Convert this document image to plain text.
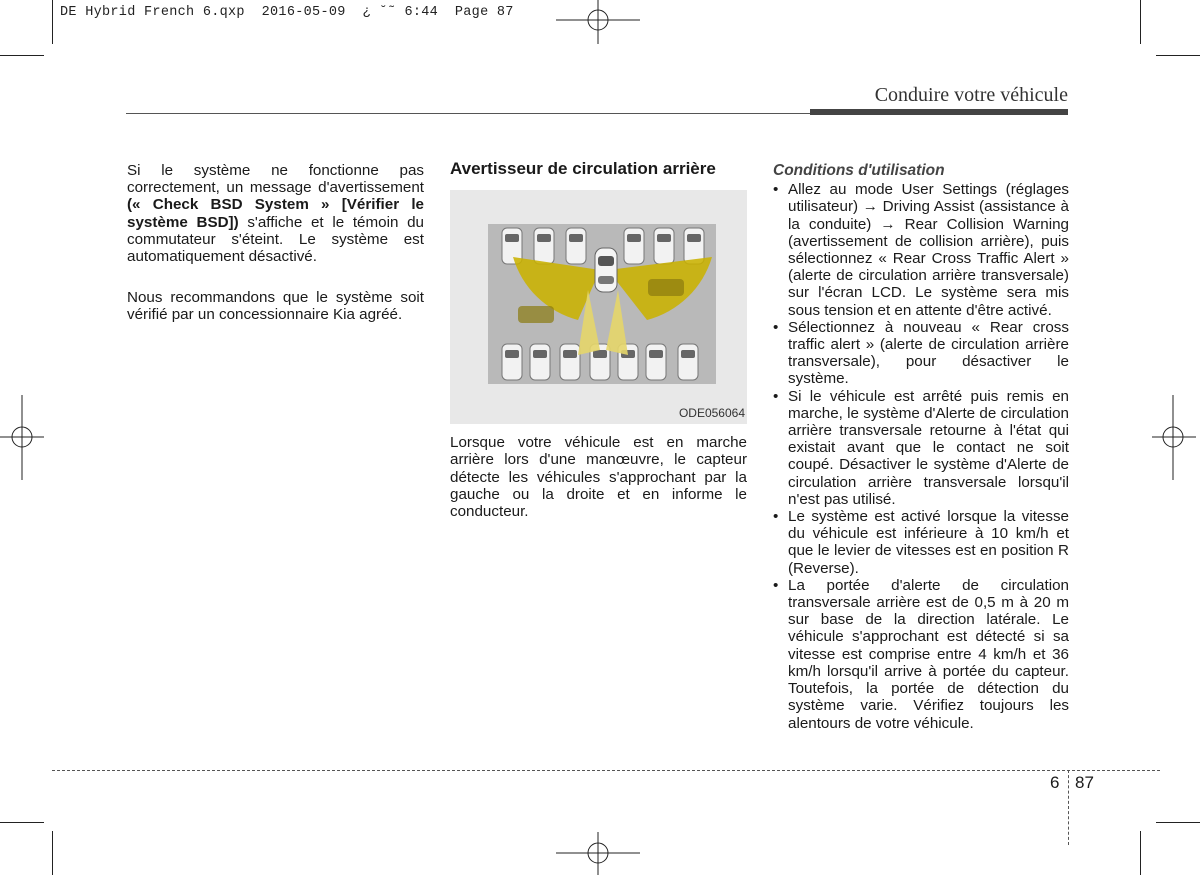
DE Hybrid French 6.qxp  2016-05-09  ¿ ˘˜ 6:44  Page 87
Conduire votre véhicule

Si le système ne fonctionne pas correctement, un message d'avertissement (« Check BSD System » [Vérifier le système BSD]) s'affiche et le témoin du commutateur s'éteint. Le système est automatiquement désactivé.

Nous recommandons que le système soit vérifié par un concessionnaire Kia agréé.

Avertisseur de circulation arrière
ODE056064
Lorsque votre véhicule est en marche arrière lors d'une manœuvre, le capteur détecte les véhicules s'approchant par la gauche ou la droite et en informe le conducteur.
Conditions d'utilisation
• Allez au mode User Settings (réglages utilisateur) → Driving Assist (assistance à la conduite) → Rear Collision Warning (avertissement de collision arrière), puis sélectionnez « Rear Cross Traffic Alert » (alerte de circulation arrière transversale) sur l'écran LCD. Le système sera mis sous tension et en attente d'être activé.
• Sélectionnez à nouveau « Rear cross traffic alert » (alerte de circulation arrière transversale), pour désactiver le système.
• Si le véhicule est arrêté puis remis en marche, le système d'Alerte de circulation arrière transversale retourne à l'état qui existait avant que le contact ne soit coupé. Désactiver le système d'Alerte de circulation arrière transversale lorsqu'il n'est pas utilisé.
• Le système est activé lorsque la vitesse du véhicule est inférieure à 10 km/h et que le levier de vitesses est en position R (Reverse).
• La portée d'alerte de circulation transversale arrière est de 0,5 m à 20 m sur base de la direction latérale. Le véhicule s'approchant est détecté si sa vitesse est comprise entre 4 km/h et 36 km/h lorsqu'il arrive à portée du capteur. Toutefois, la portée de détection du système varie. Vérifiez toujours les alentours de votre véhicule.
6 87
